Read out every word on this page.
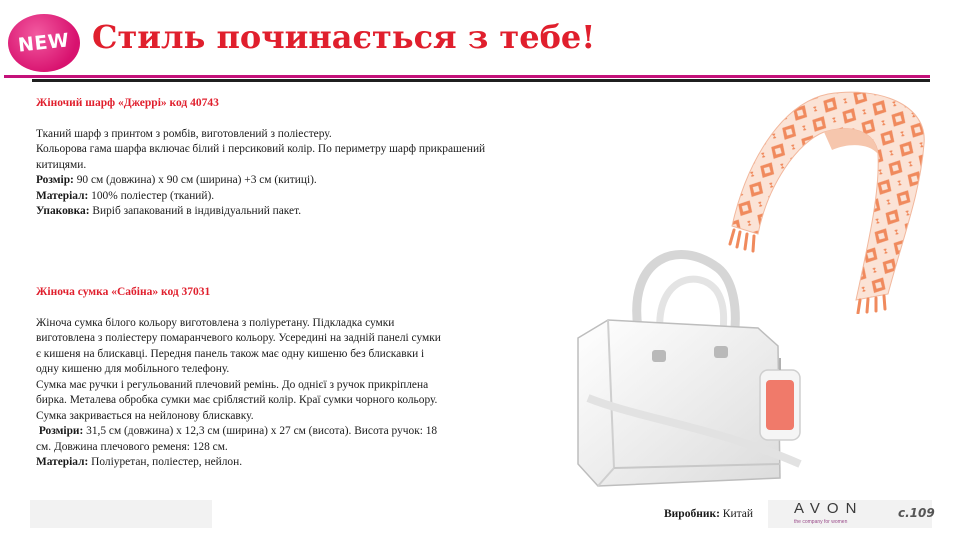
NEW Стиль починається з тебе!
Жіночий шарф «Джеррі» код 40743
Тканий шарф з принтом з ромбів, виготовлений з поліестеру.
Кольорова гама шарфа включає білий і персиковий колір. По периметру шарф прикрашений
китицями.
Розмір: 90 см (довжина) х 90 см (ширина) +3 см (китиці).
Матеріал: 100% поліестер (тканий).
Упаковка: Виріб запакований в індивідуальний пакет.
Жіноча сумка «Сабіна» код 37031
Жіноча сумка білого кольору виготовлена з поліуретану. Підкладка сумки
виготовлена з поліестеру помаранчевого кольору. Усередині на задній панелі сумки
є кишеня на блискавці. Передня панель також має одну кишеню без блискавки і
одну кишеню для мобільного телефону.
Сумка має ручки і регульований плечовий ремінь. До однієї з ручок прикріплена
бирка. Металева обробка сумки має сріблястий колір. Краї сумки чорного кольору.
Сумка закривається на нейлонову блискавку.
Розміри: 31,5 см (довжина) х 12,3 см (ширина) х 27 см (висота). Висота ручок: 18
см. Довжина плечового ременя: 128 см.
Матеріал: Поліуретан, поліестер, нейлон.
Виробник: Китай	AVON
the company for women
с.109
